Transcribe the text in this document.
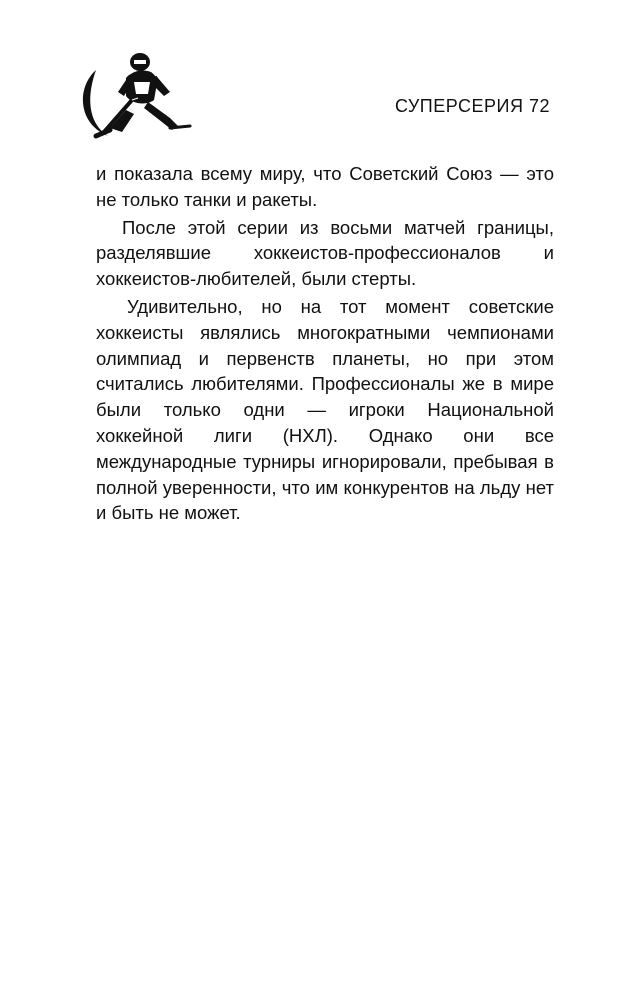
СУПЕРСЕРИЯ 72

и показала всему миру, что Советский Союз — это не только танки и ракеты.

После этой серии из восьми матчей границы, разделявшие хоккеистов-профессионалов и хоккеистов-любителей, были стерты.

Удивительно, но на тот момент советские хоккеисты являлись многократными чемпионами олимпиад и первенств планеты, но при этом считались любителями. Профессионалы же в мире были только одни — игроки Национальной хоккейной лиги (НХЛ). Однако они все международные турниры игнорировали, пребывая в полной уверенности, что им конкурентов на льду нет и быть не может.
